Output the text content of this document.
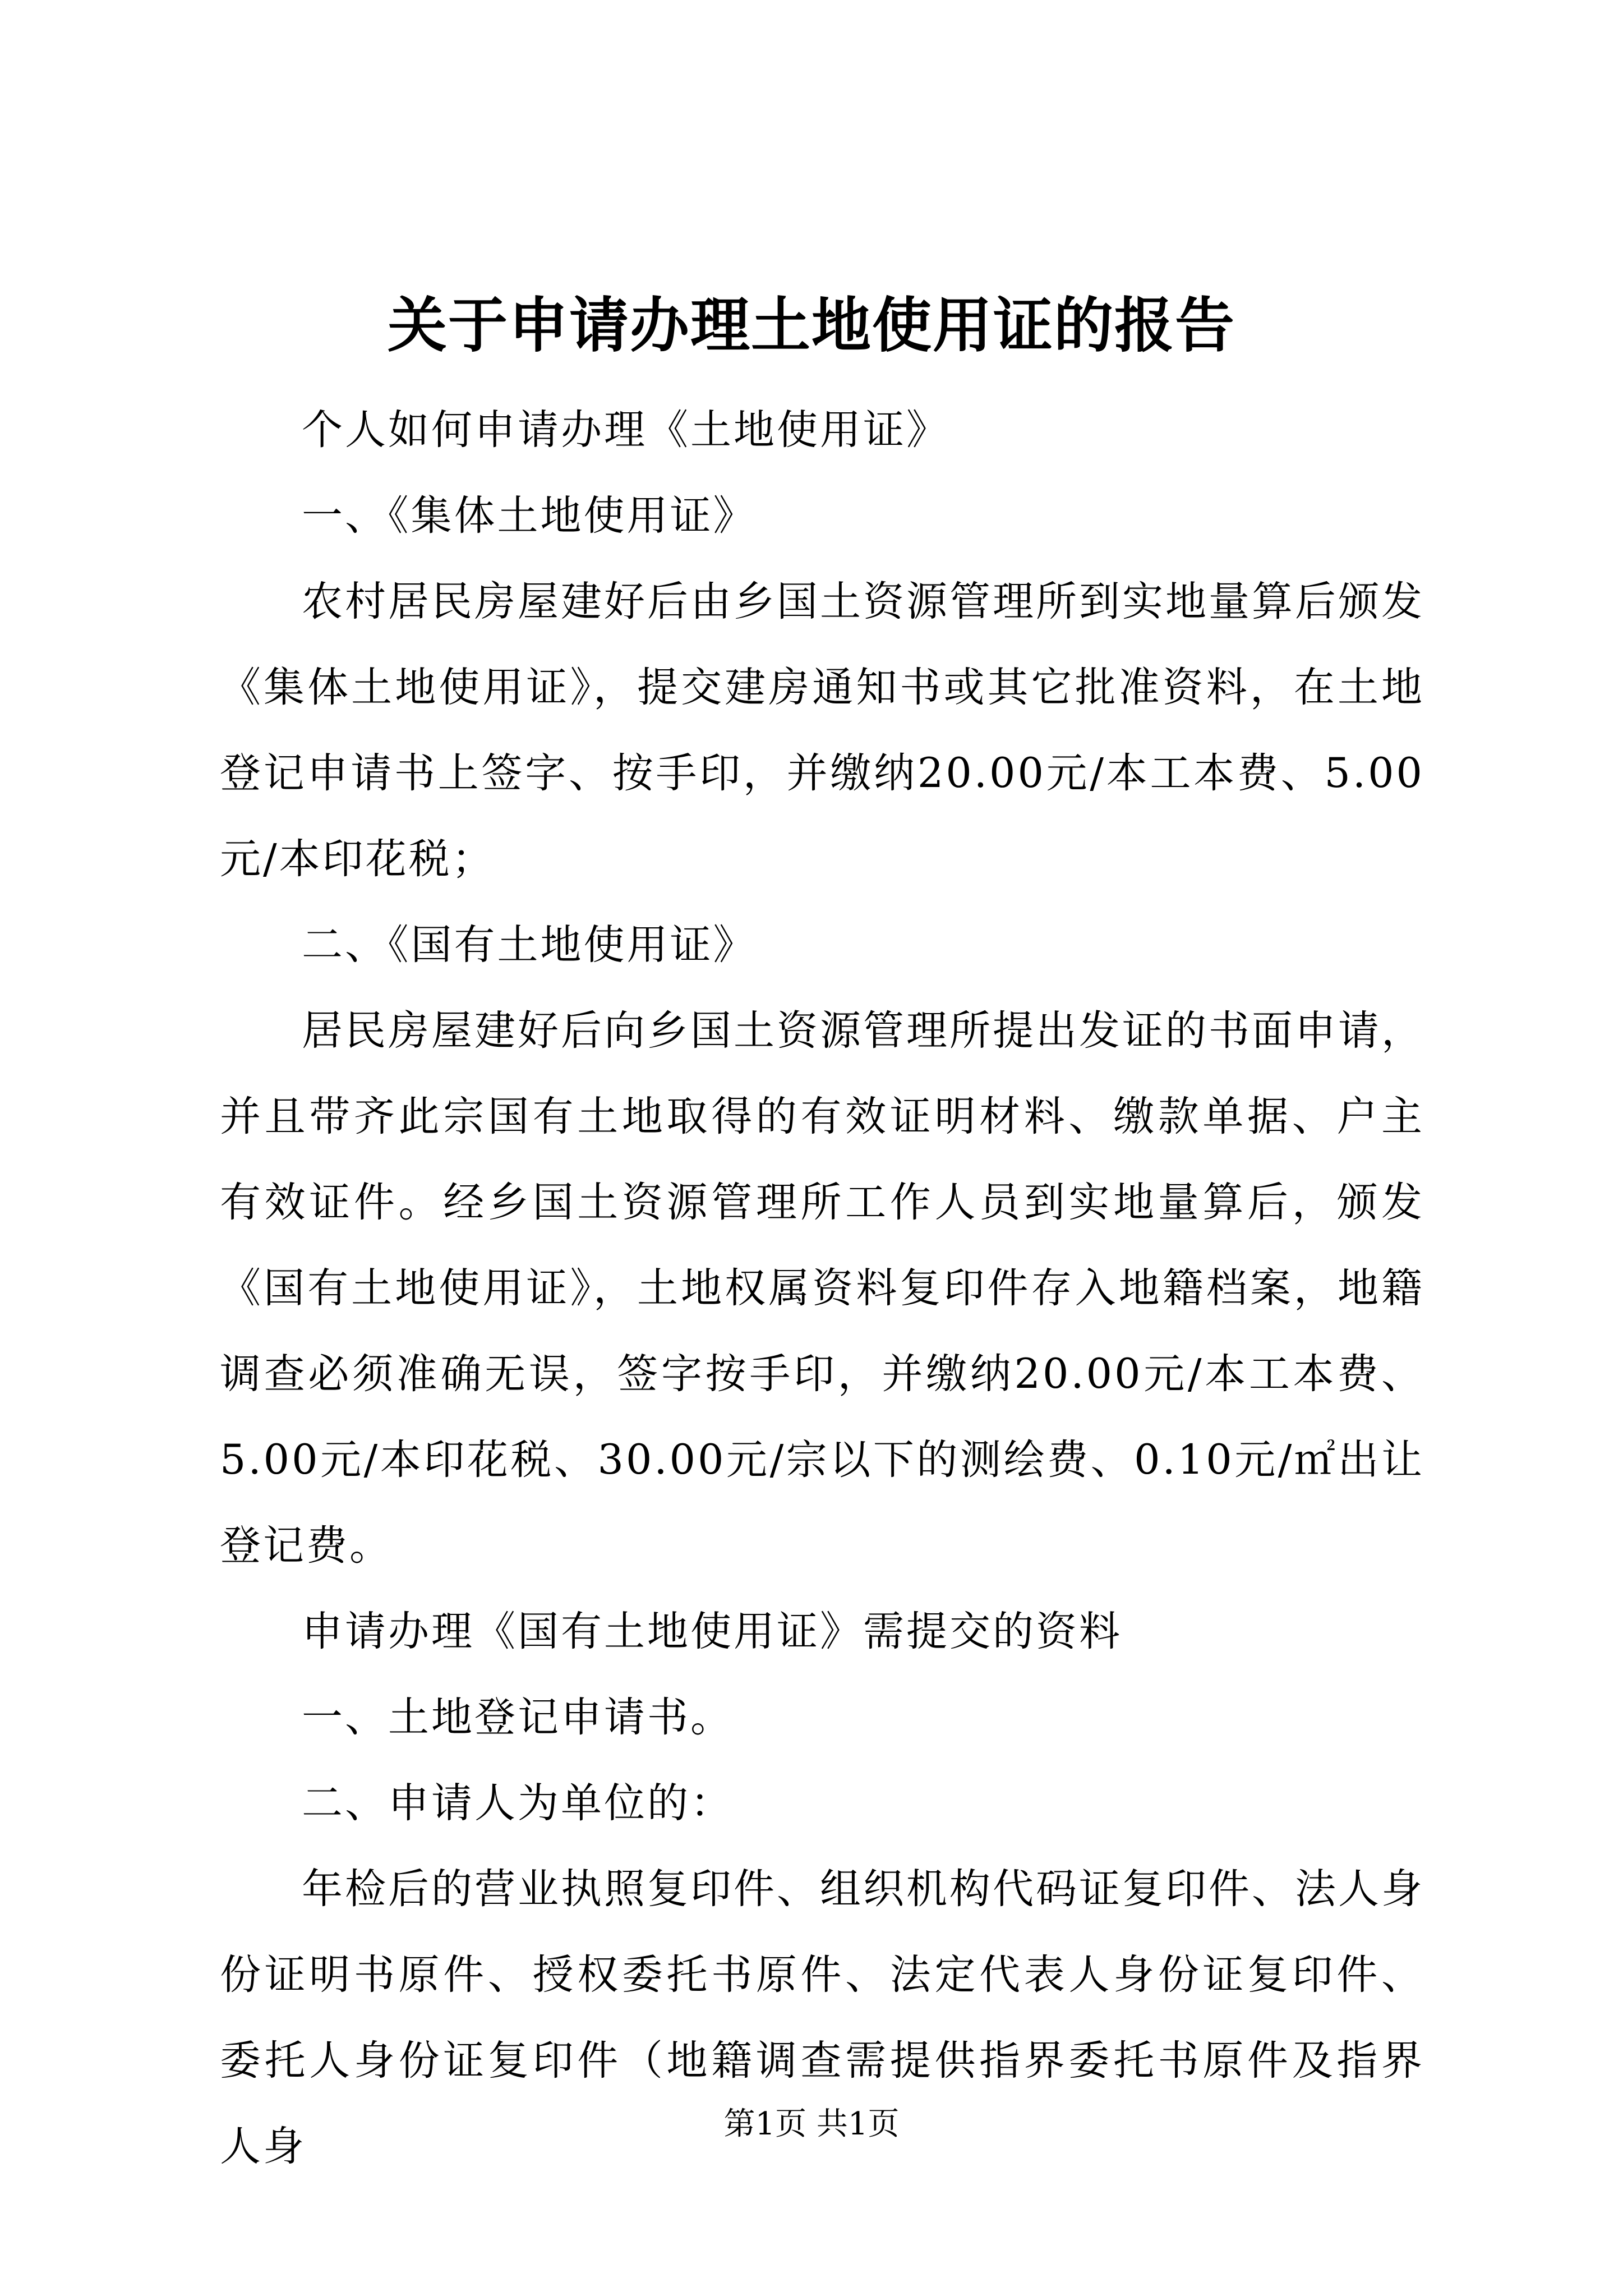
关于申请办理土地使用证的报告

个人如何申请办理《土地使用证》

一、《集体土地使用证》

农村居民房屋建好后由乡国土资源管理所到实地量算后颁发《集体土地使用证》，提交建房通知书或其它批准资料，在土地登记申请书上签字、按手印，并缴纳20.00元/本工本费、5.00元/本印花税；

二、《国有土地使用证》

居民房屋建好后向乡国土资源管理所提出发证的书面申请，并且带齐此宗国有土地取得的有效证明材料、缴款单据、户主有效证件。经乡国土资源管理所工作人员到实地量算后，颁发《国有土地使用证》，土地权属资料复印件存入地籍档案，地籍调查必须准确无误，签字按手印，并缴纳20.00元/本工本费、5.00元/本印花税、30.00元/宗以下的测绘费、0.10元/㎡出让登记费。

申请办理《国有土地使用证》需提交的资料

一、土地登记申请书。

二、申请人为单位的：

年检后的营业执照复印件、组织机构代码证复印件、法人身份证明书原件、授权委托书原件、法定代表人身份证复印件、委托人身份证复印件（地籍调查需提供指界委托书原件及指界人身	第1页 共1页
